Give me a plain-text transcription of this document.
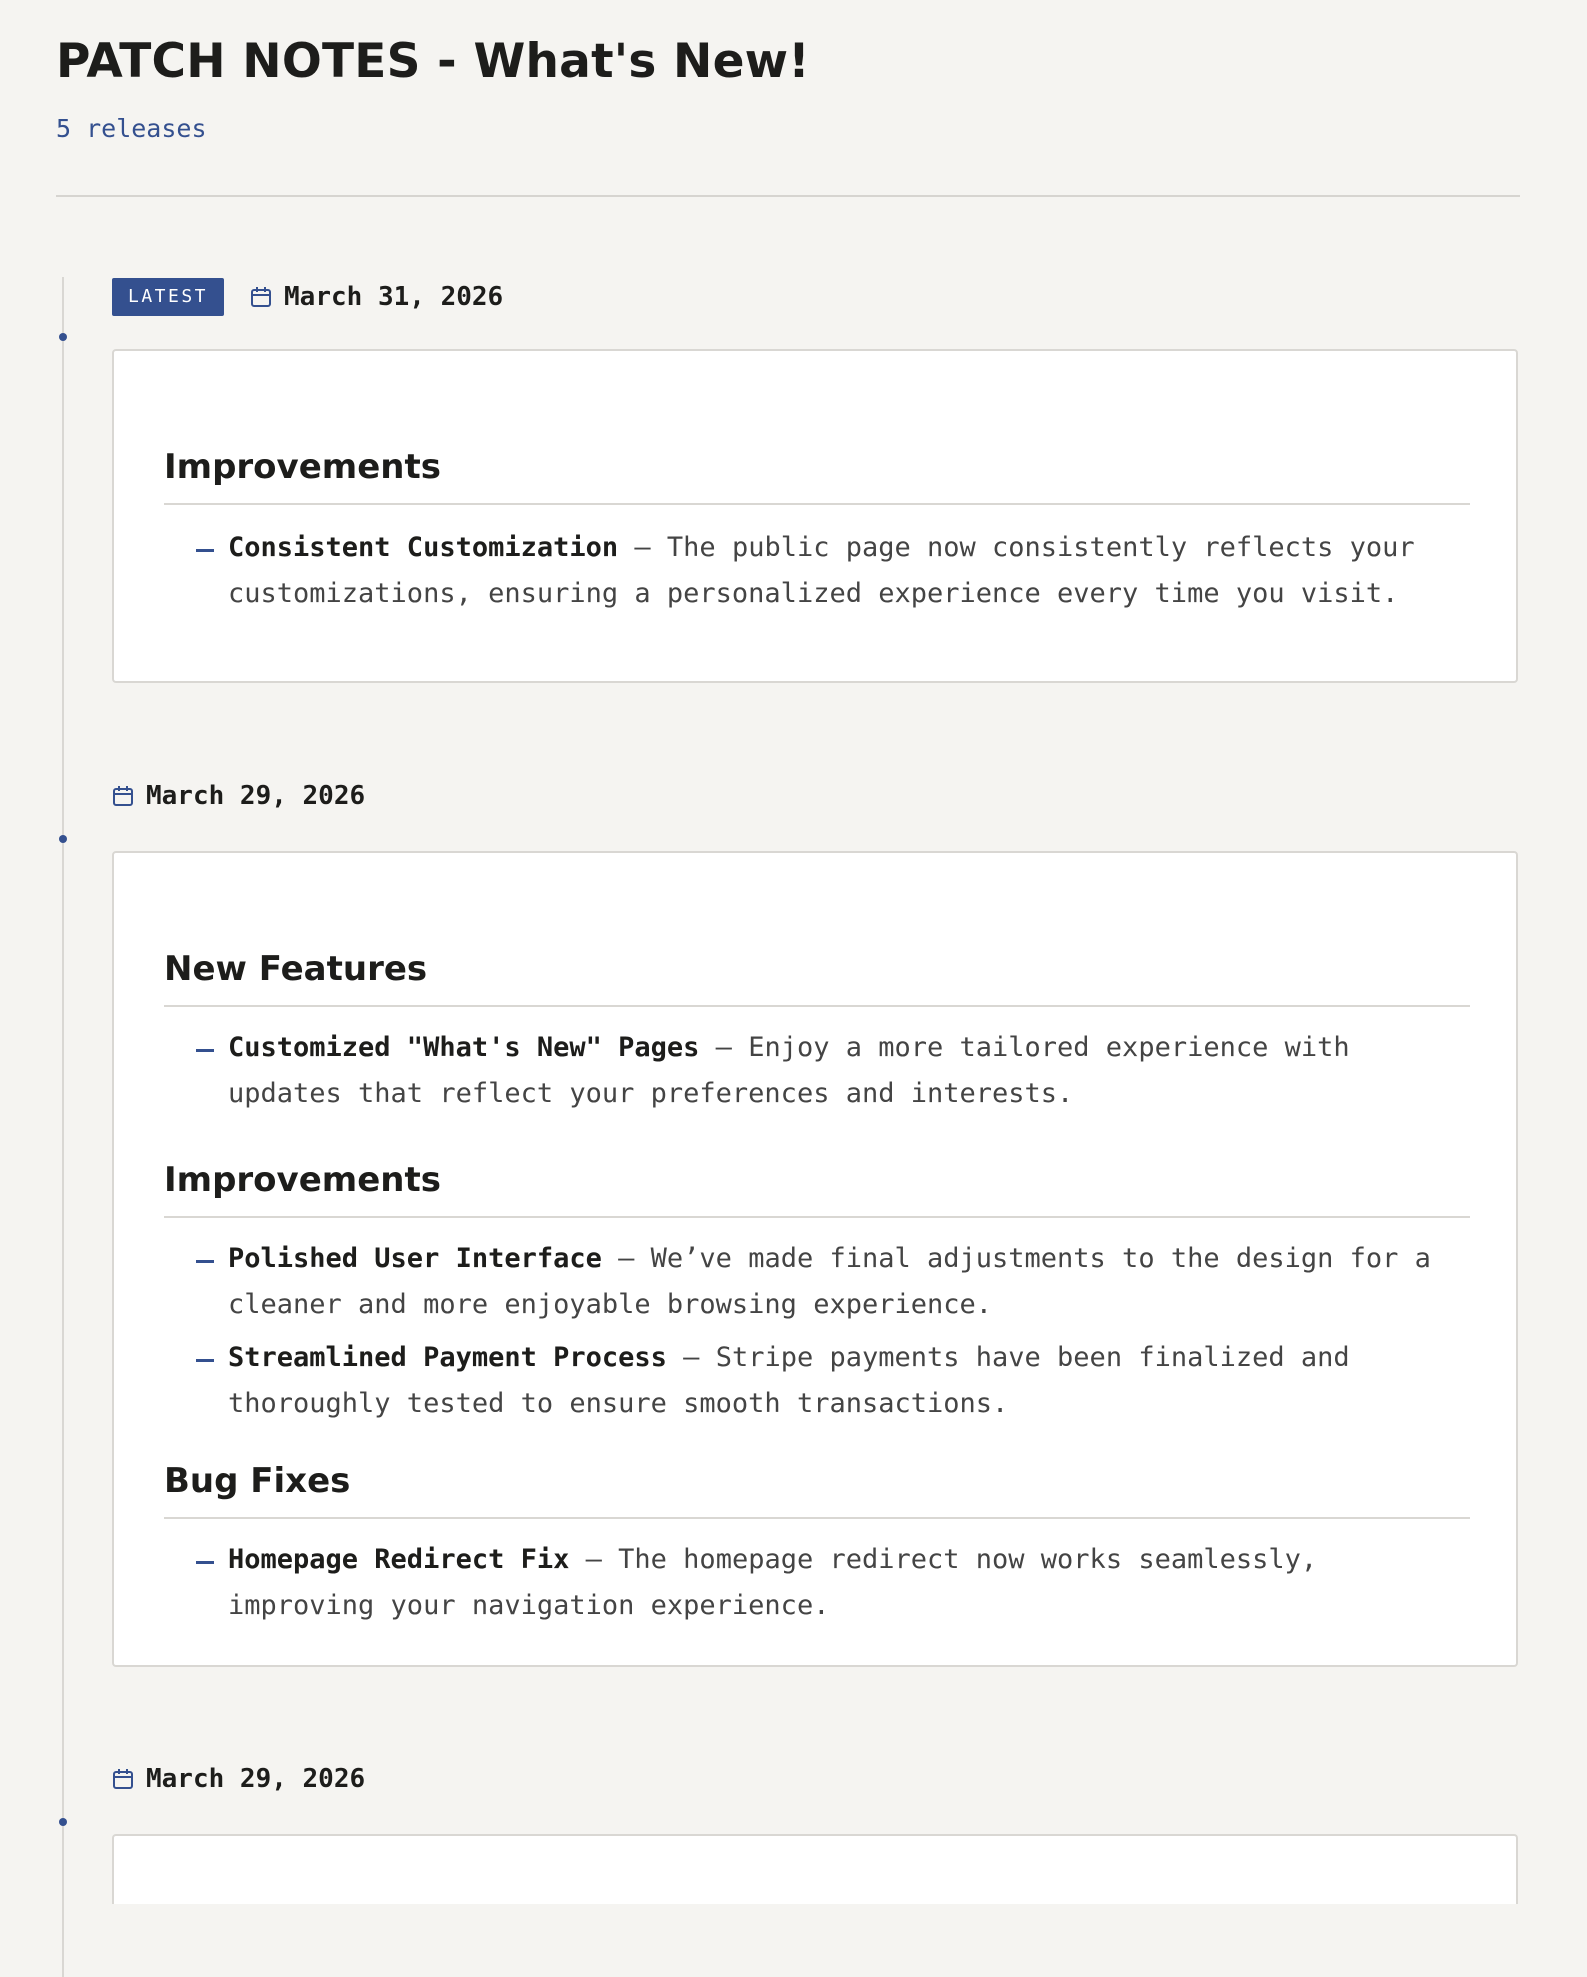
PATCH NOTES - What's New!
5 releases
LATEST	March 31, 2026
Improvements

Consistent Customization – The public page now consistently reflects your customizations, ensuring a personalized experience every time you visit.

March 29, 2026
New Features

Customized "What's New" Pages – Enjoy a more tailored experience with updates that reflect your preferences and interests.

Improvements

Polished User Interface – We’ve made final adjustments to the design for a cleaner and more enjoyable browsing experience.

Streamlined Payment Process – Stripe payments have been finalized and thoroughly tested to ensure smooth transactions.

Bug Fixes

Homepage Redirect Fix – The homepage redirect now works seamlessly, improving your navigation experience.

March 29, 2026
